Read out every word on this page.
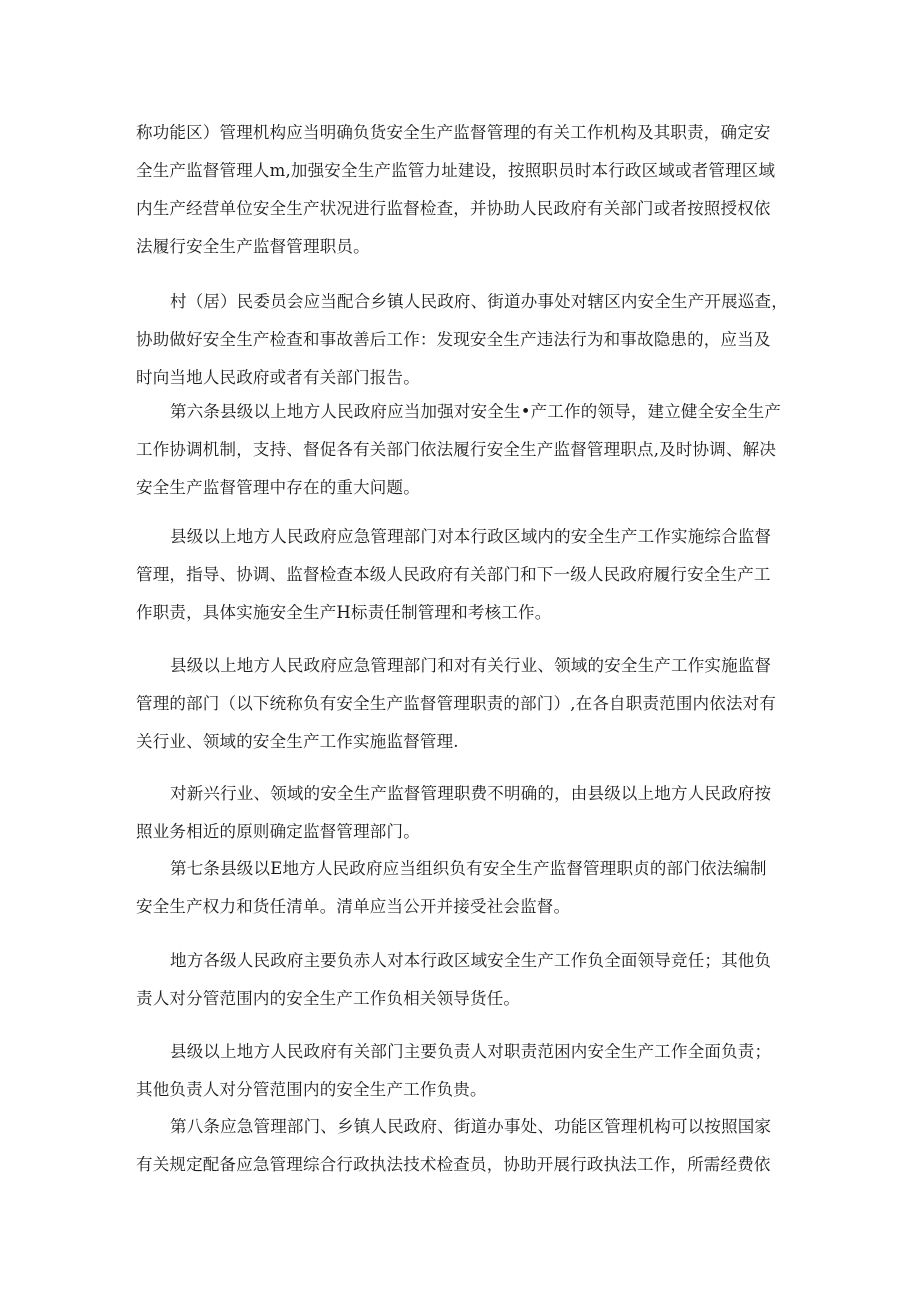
称功能区）管理机构应当明确负货安全生产监督管理的有关工作机构及其职责，确定安
全生产监督管理人m,加强安全生产监管力址建设，按照职员时本行政区域或者管理区域
内生产经营单位安全生产状况进行监督检查，并协助人民政府有关部门或者按照授权依
法履行安全生产监督管理职员。
村（居）民委员会应当配合乡镇人民政府、街道办事处对辖区内安全生产开展巡查，
协助做好安全生产检查和事故善后工作：发现安全生产违法行为和事故隐患的，应当及
时向当地人民政府或者有关部门报告。
第六条县级以上地方人民政府应当加强对安全生•产工作的领导，建立健全安全生产
工作协调机制，支持、督促各有关部门依法履行安全生产监督管理职点,及时协调、解决
安全生产监督管理中存在的重大问题。
县级以上地方人民政府应急管理部门对本行政区域内的安全生产工作实施综合监督
管理，指导、协调、监督检查本级人民政府有关部门和下一级人民政府履行安全生产工
作职责，具体实施安全生产H标责任制管理和考核工作。
县级以上地方人民政府应急管理部门和对有关行业、领域的安全生产工作实施监督
管理的部门（以下统称负有安全生产监督管理职责的部门）,在各自职责范围内依法对有
关行业、领域的安全生产工作实施监督管理.
对新兴行业、领域的安全生产监督管理职费不明确的，由县级以上地方人民政府按
照业务相近的原则确定监督管理部门。
第七条县级以E地方人民政府应当组织负有安全生产监督管理职贞的部门依法编制
安全生产权力和货任清单。清单应当公开并接受社会监督。
地方各级人民政府主要负赤人对本行政区域安全生产工作负全面领导竞任；其他负
责人对分管范围内的安全生产工作负相关领导货任。
县级以上地方人民政府有关部门主要负责人对职责范困内安全生产工作全面负责；
其他负责人对分管范围内的安全生产工作负贵。
第八条应急管理部门、乡镇人民政府、街道办事处、功能区管理机构可以按照国家
有关规定配备应急管理综合行政执法技术检查员，协助开展行政执法工作，所需经费依
